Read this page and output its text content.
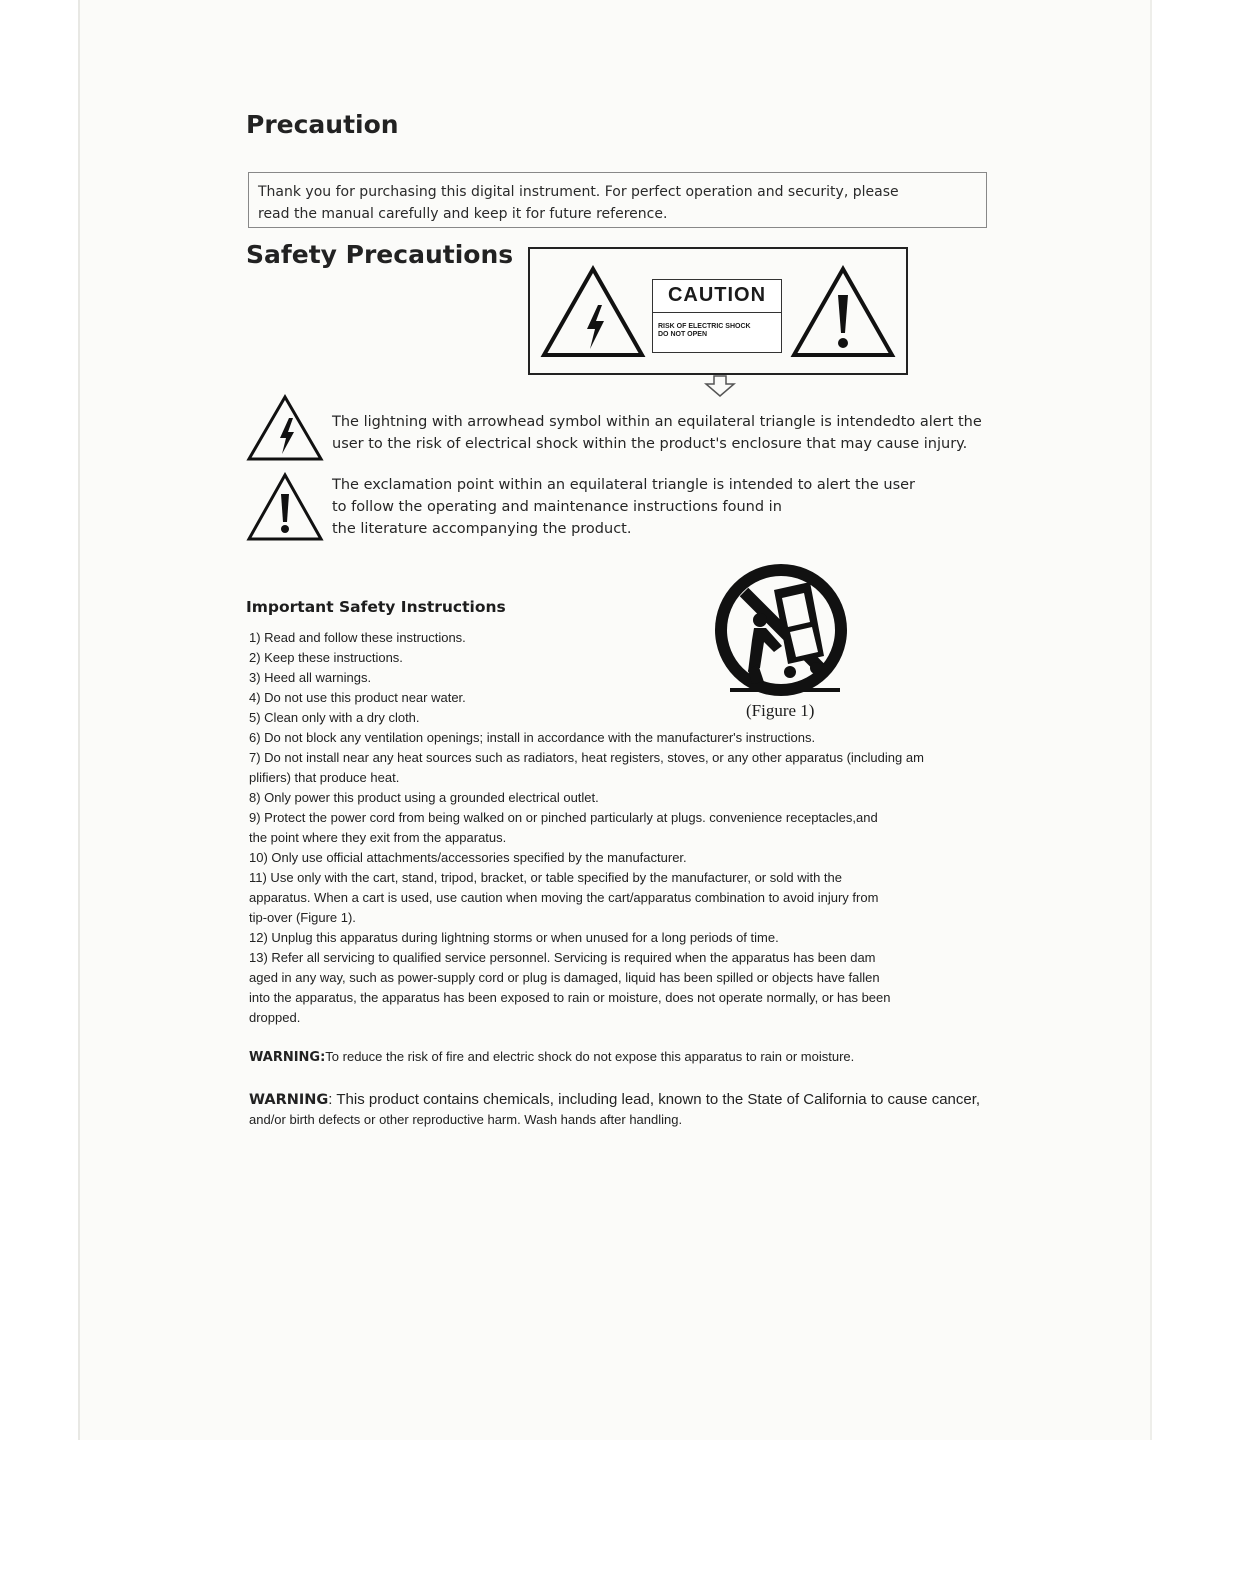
Precaution
Thank you for purchasing this digital instrument. For perfect operation and security, please
read the manual carefully and keep it for future reference.
Safety Precautions
CAUTION
RISK OF ELECTRIC SHOCK
DO NOT OPEN
The lightning with arrowhead symbol within an equilateral triangle is intendedto alert the
user to the risk of electrical shock within the product's enclosure that may cause injury.
The exclamation point within an equilateral triangle is intended to alert the user
to follow the operating and maintenance instructions found in
the literature accompanying the product.
Important Safety Instructions
(Figure 1)

1) Read and follow these instructions.

2) Keep these instructions.

3) Heed all warnings.

4) Do not use this product near water.

5) Clean only with a dry cloth.

6) Do not block any ventilation openings; install in accordance with the manufacturer's instructions.

7) Do not install near any heat sources such as radiators, heat registers, stoves, or any other apparatus (including am

plifiers) that produce heat.

8) Only power this product using a grounded electrical outlet.

9) Protect the power cord from being walked on or pinched particularly at plugs. convenience receptacles,and

the point where they exit from the apparatus.

10) Only use official attachments/accessories specified by the manufacturer.

11) Use only with the cart, stand, tripod, bracket, or table specified by the manufacturer, or sold with the

apparatus. When a cart is used, use caution when moving the cart/apparatus combination to avoid injury from

tip-over (Figure 1).

12) Unplug this apparatus during lightning storms or when unused for a long periods of time.

13) Refer all servicing to qualified service personnel. Servicing is required when the apparatus has been dam

aged in any way, such as power-supply cord or plug is damaged, liquid has been spilled or objects have fallen

into the apparatus, the apparatus has been exposed to rain or moisture, does not operate normally, or has been

dropped.

WARNING:To reduce the risk of fire and electric shock do not expose this apparatus to rain or moisture.
WARNING: This product contains chemicals, including lead, known to the State of California to cause cancer,
and/or birth defects or other reproductive harm. Wash hands after handling.
